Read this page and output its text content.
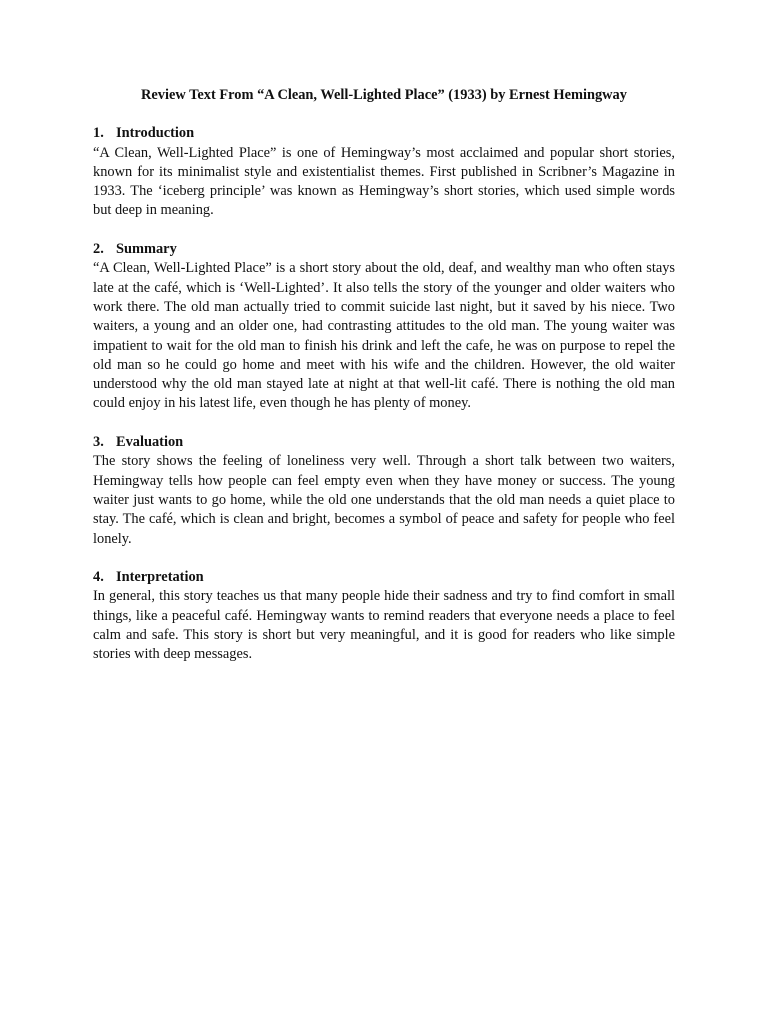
Review Text From “A Clean, Well-Lighted Place” (1933) by Ernest Hemingway
1. Introduction

“A Clean, Well-Lighted Place” is one of Hemingway’s most acclaimed and popular short stories, known for its minimalist style and existentialist themes. First published in Scribner’s Magazine in 1933. The ‘iceberg principle’ was known as Hemingway’s short stories, which used simple words but deep in meaning.

2. Summary

“A Clean, Well-Lighted Place” is a short story about the old, deaf, and wealthy man who often stays late at the café, which is ‘Well-Lighted’. It also tells the story of the younger and older waiters who work there. The old man actually tried to commit suicide last night, but it saved by his niece. Two waiters, a young and an older one, had contrasting attitudes to the old man. The young waiter was impatient to wait for the old man to finish his drink and left the cafe, he was on purpose to repel the old man so he could go home and meet with his wife and the children. However, the old waiter understood why the old man stayed late at night at that well-lit café. There is nothing the old man could enjoy in his latest life, even though he has plenty of money.

3. Evaluation

The story shows the feeling of loneliness very well. Through a short talk between two waiters, Hemingway tells how people can feel empty even when they have money or success. The young waiter just wants to go home, while the old one understands that the old man needs a quiet place to stay. The café, which is clean and bright, becomes a symbol of peace and safety for people who feel lonely.

4. Interpretation

In general, this story teaches us that many people hide their sadness and try to find comfort in small things, like a peaceful café. Hemingway wants to remind readers that everyone needs a place to feel calm and safe. This story is short but very meaningful, and it is good for readers who like simple stories with deep messages.
